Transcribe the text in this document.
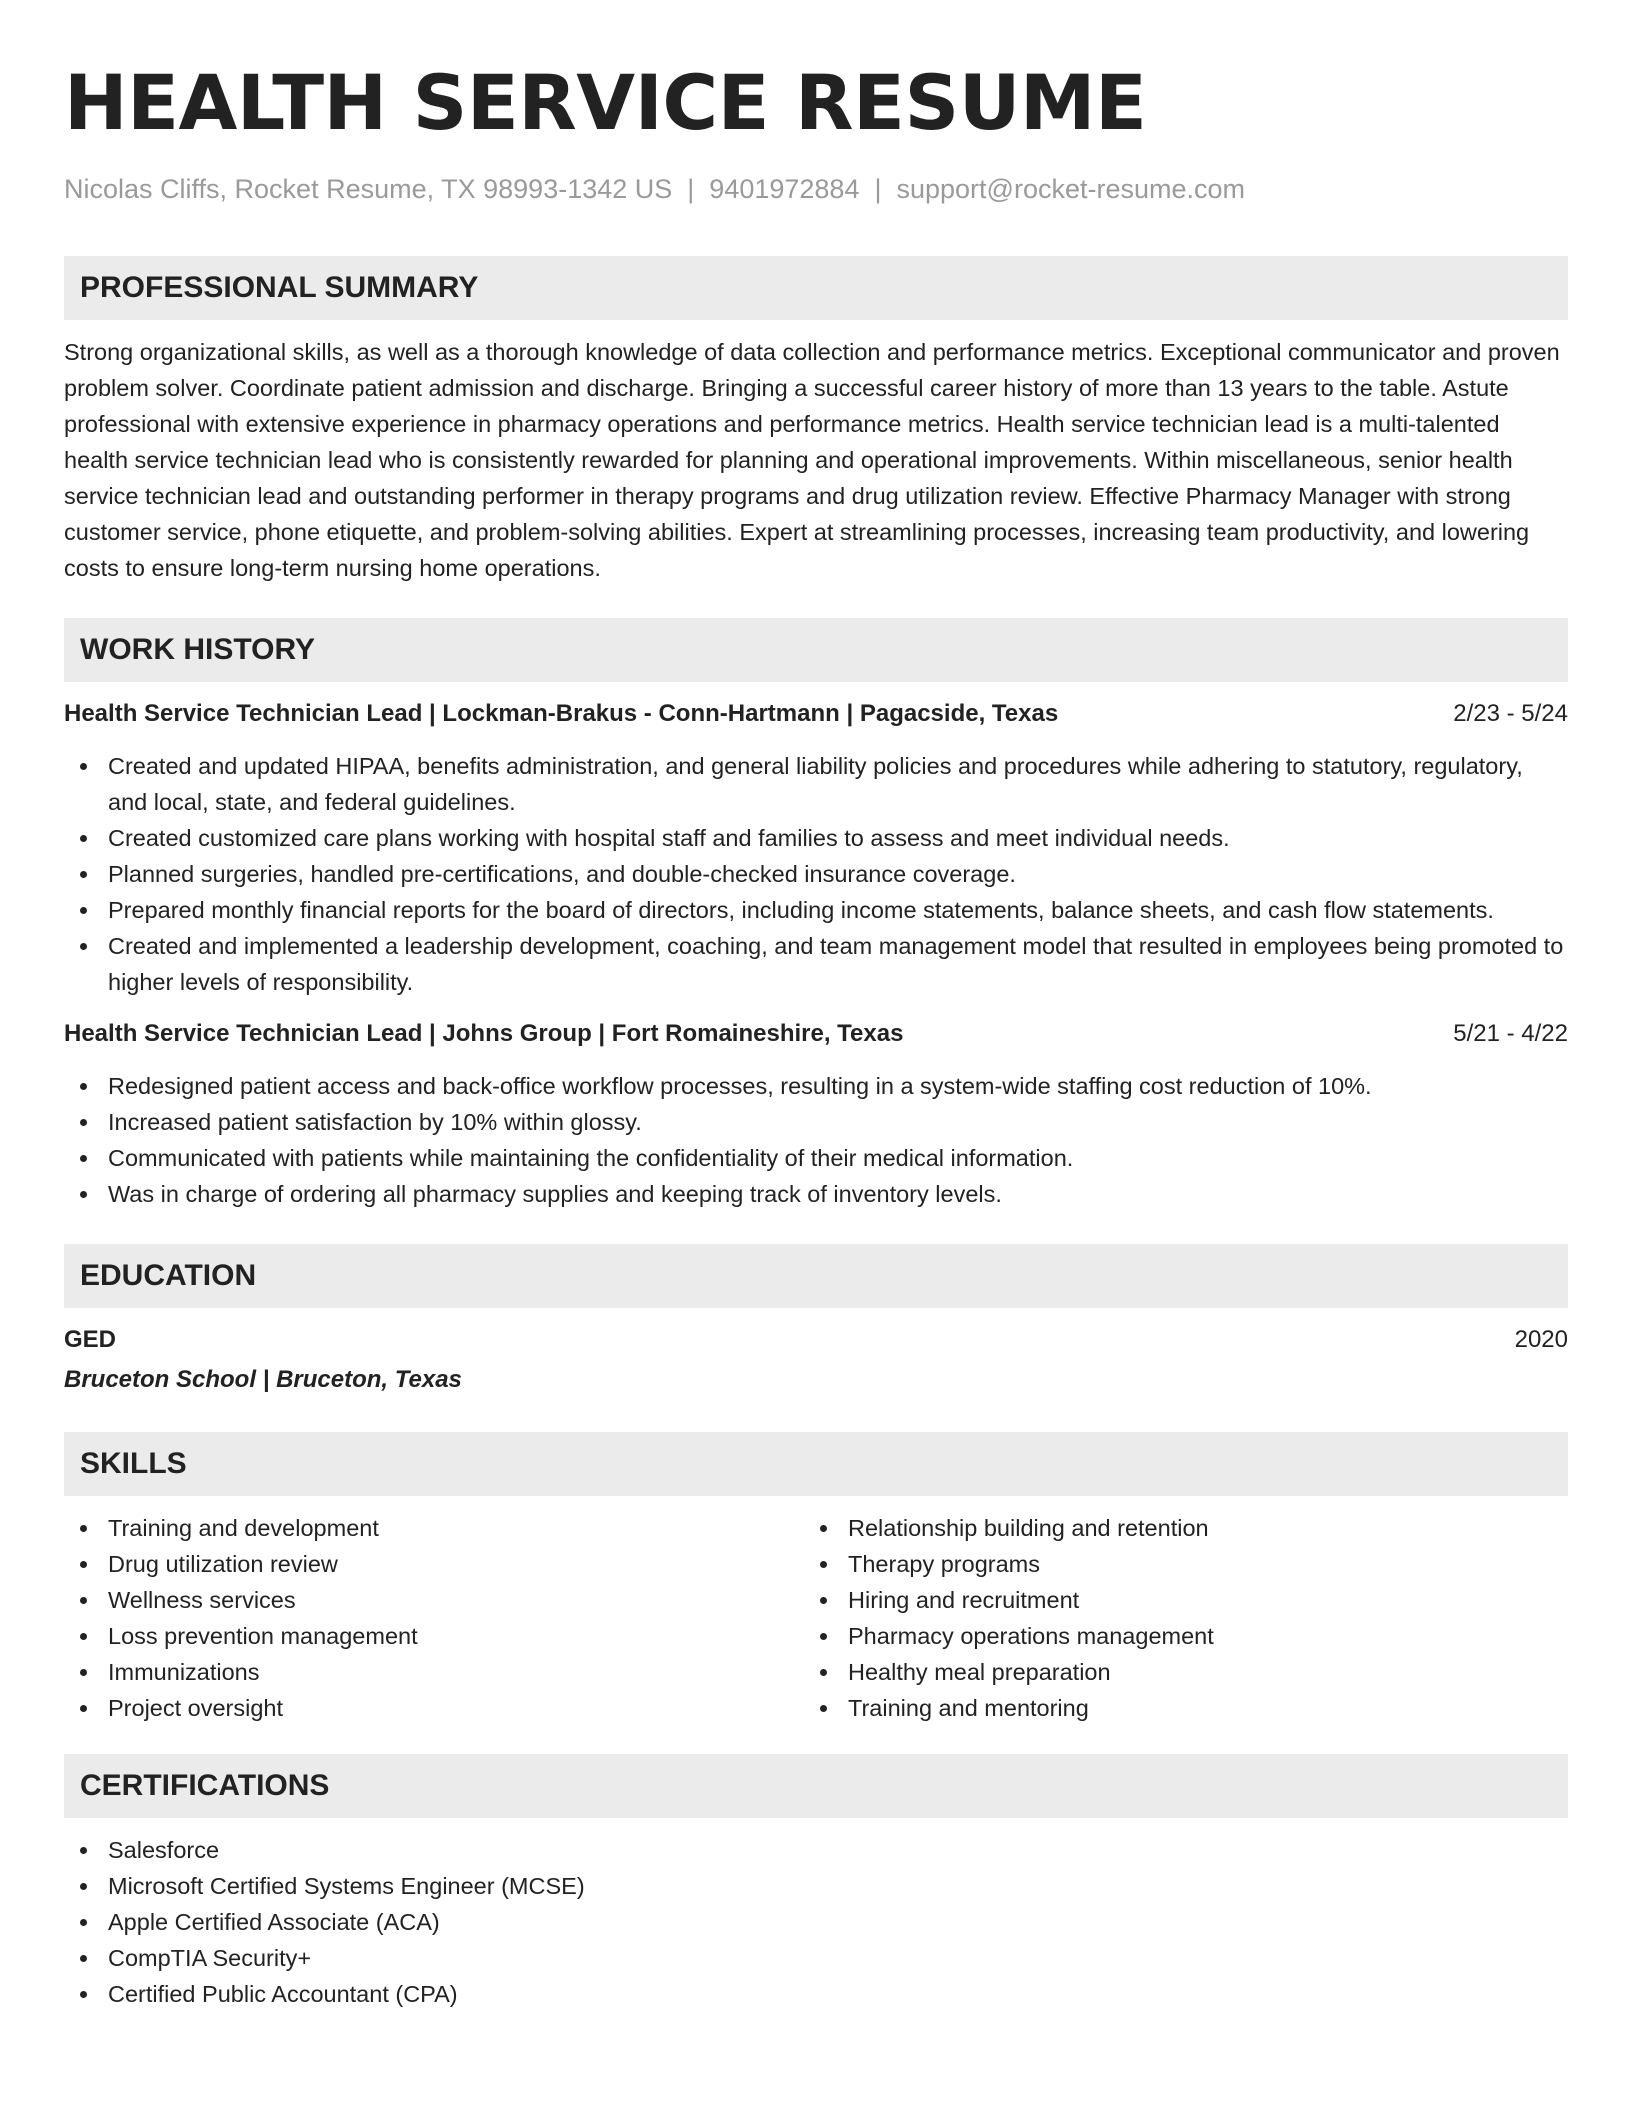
HEALTH SERVICE RESUME
Nicolas Cliffs, Rocket Resume, TX 98993-1342 US | 9401972884 | support@rocket-resume.com
PROFESSIONAL SUMMARY
Strong organizational skills, as well as a thorough knowledge of data collection and performance metrics. Exceptional communicator and proven problem solver. Coordinate patient admission and discharge. Bringing a successful career history of more than 13 years to the table. Astute professional with extensive experience in pharmacy operations and performance metrics. Health service technician lead is a multi-talented health service technician lead who is consistently rewarded for planning and operational improvements. Within miscellaneous, senior health service technician lead and outstanding performer in therapy programs and drug utilization review. Effective Pharmacy Manager with strong customer service, phone etiquette, and problem-solving abilities. Expert at streamlining processes, increasing team productivity, and lowering costs to ensure long-term nursing home operations.
WORK HISTORY
Health Service Technician Lead | Lockman-Brakus - Conn-Hartmann | Pagacside, Texas	2/23 - 5/24
Created and updated HIPAA, benefits administration, and general liability policies and procedures while adhering to statutory, regulatory, and local, state, and federal guidelines.
Created customized care plans working with hospital staff and families to assess and meet individual needs.
Planned surgeries, handled pre-certifications, and double-checked insurance coverage.
Prepared monthly financial reports for the board of directors, including income statements, balance sheets, and cash flow statements.
Created and implemented a leadership development, coaching, and team management model that resulted in employees being promoted to higher levels of responsibility.
Health Service Technician Lead | Johns Group | Fort Romaineshire, Texas	5/21 - 4/22
Redesigned patient access and back-office workflow processes, resulting in a system-wide staffing cost reduction of 10%.
Increased patient satisfaction by 10% within glossy.
Communicated with patients while maintaining the confidentiality of their medical information.
Was in charge of ordering all pharmacy supplies and keeping track of inventory levels.
EDUCATION
GED	2020
Bruceton School | Bruceton, Texas
SKILLS
Training and development
Drug utilization review
Wellness services
Loss prevention management
Immunizations
Project oversight
Relationship building and retention
Therapy programs
Hiring and recruitment
Pharmacy operations management
Healthy meal preparation
Training and mentoring
CERTIFICATIONS
Salesforce
Microsoft Certified Systems Engineer (MCSE)
Apple Certified Associate (ACA)
CompTIA Security+
Certified Public Accountant (CPA)
